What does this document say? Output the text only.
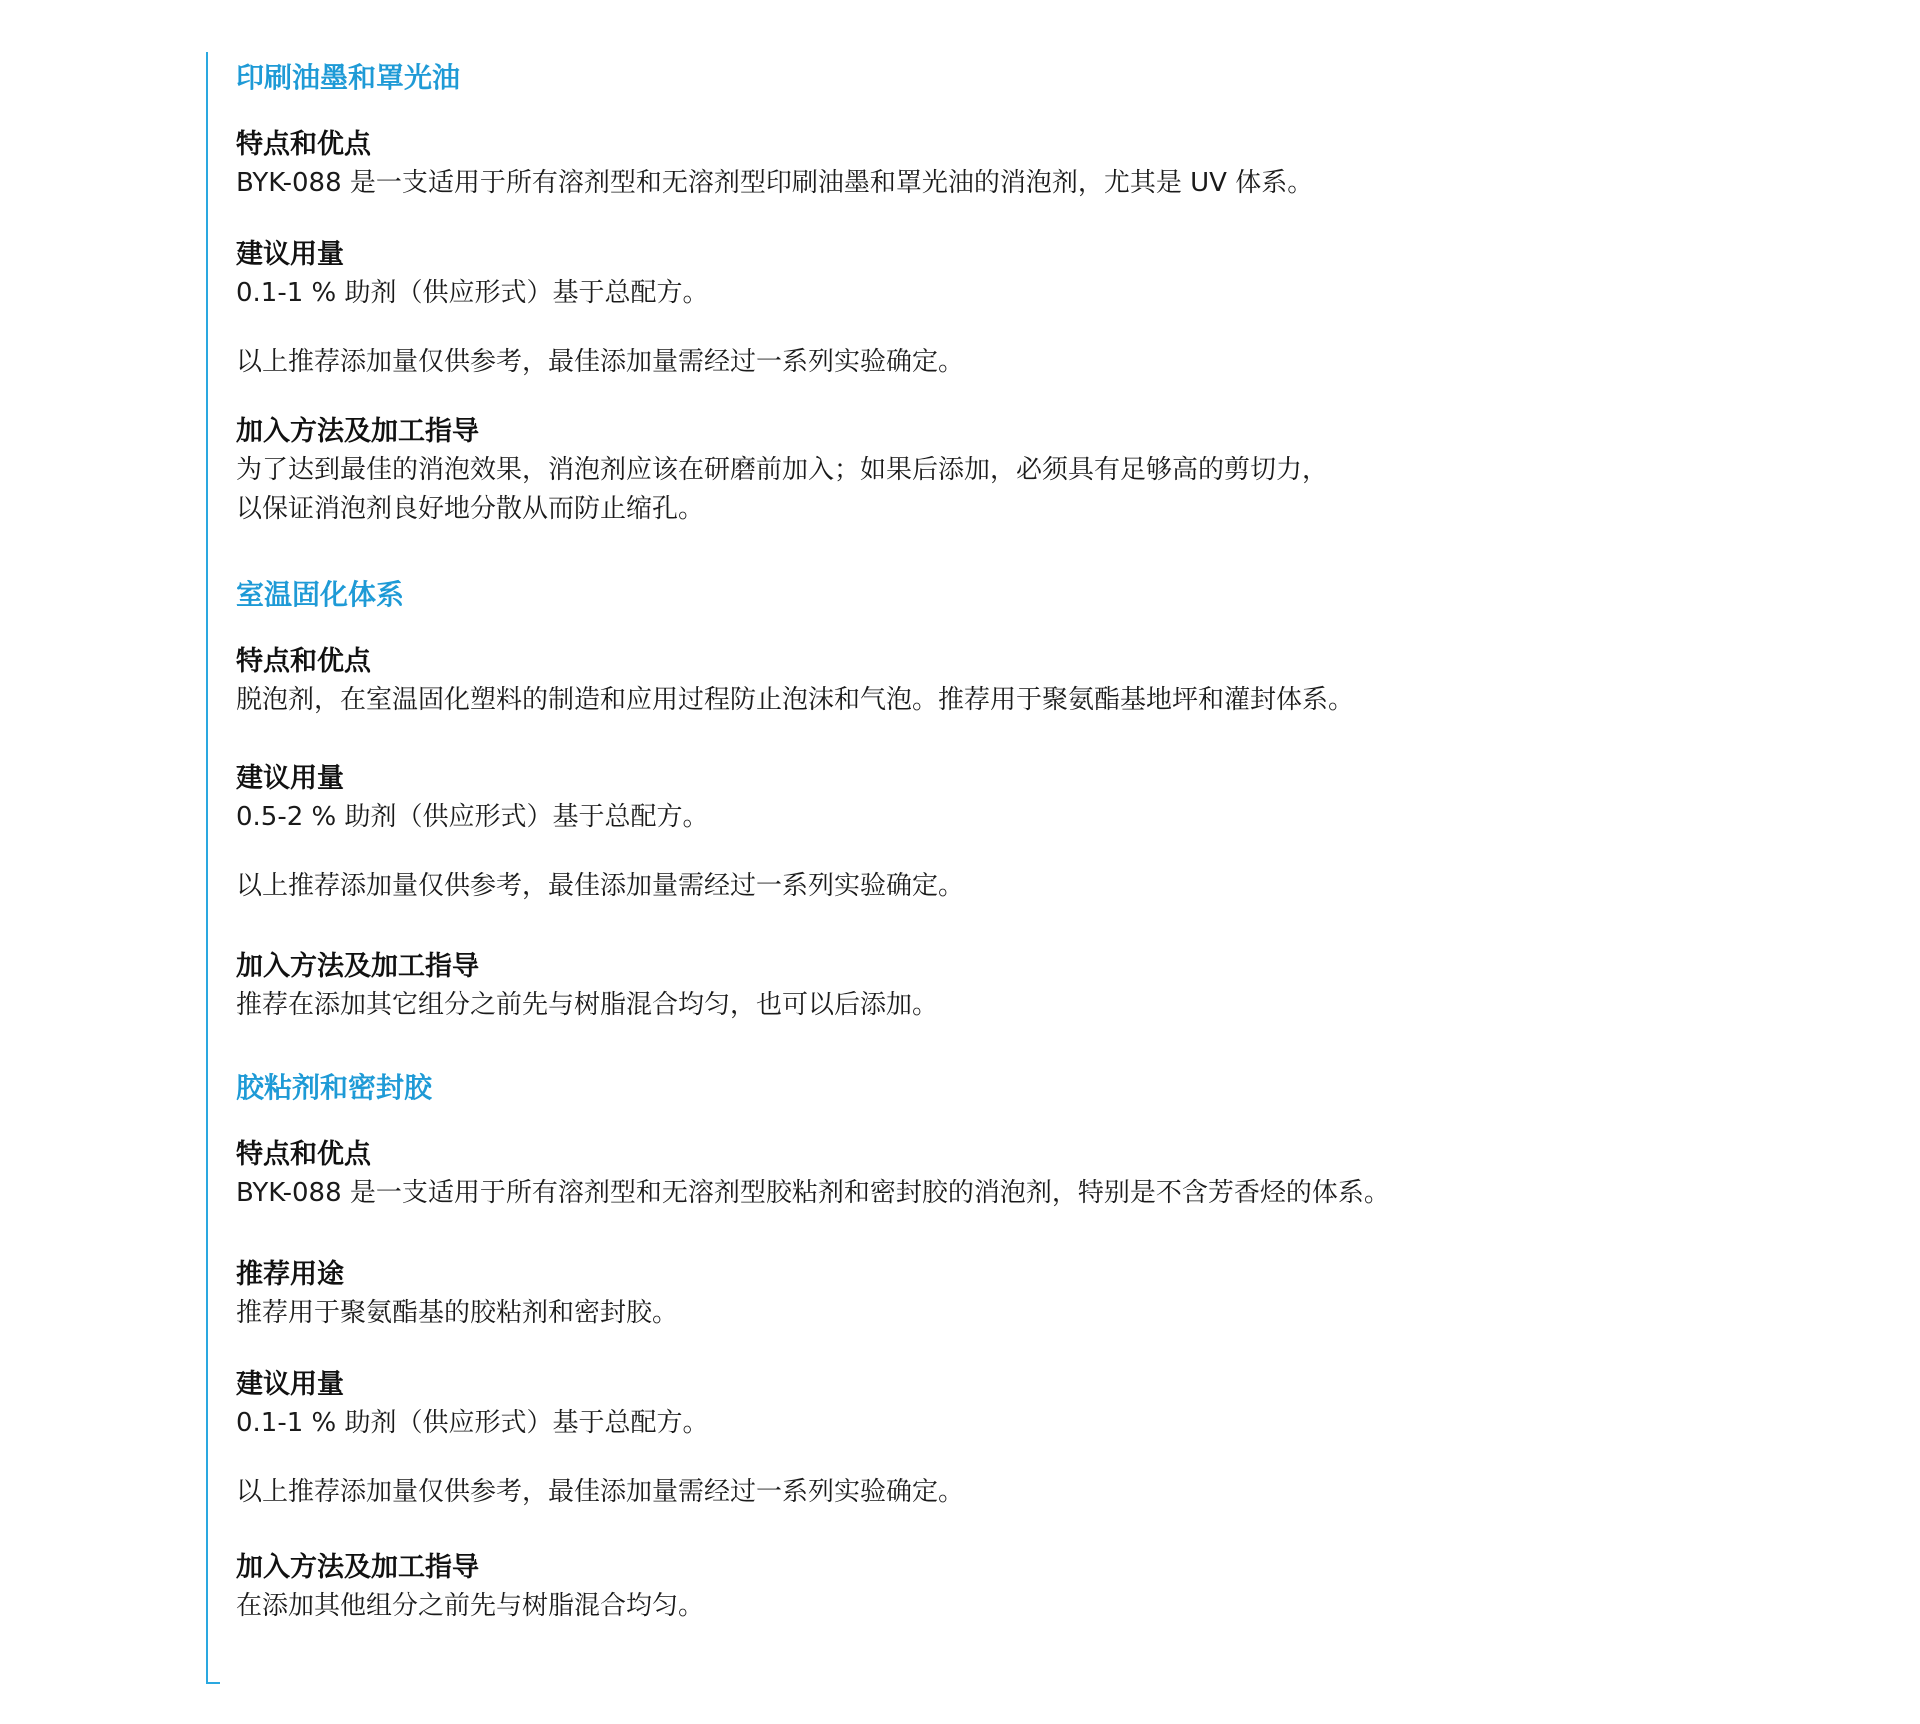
印刷油墨和罩光油
特点和优点

BYK-088 是一支适用于所有溶剂型和无溶剂型印刷油墨和罩光油的消泡剂，尤其是 UV 体系。

建议用量

0.1-1 % 助剂（供应形式）基于总配方。

以上推荐添加量仅供参考，最佳添加量需经过一系列实验确定。

加入方法及加工指导

为了达到最佳的消泡效果，消泡剂应该在研磨前加入；如果后添加，必须具有足够高的剪切力，

以保证消泡剂良好地分散从而防止缩孔。

室温固化体系
特点和优点

脱泡剂，在室温固化塑料的制造和应用过程防止泡沫和气泡。推荐用于聚氨酯基地坪和灌封体系。

建议用量

0.5-2 % 助剂（供应形式）基于总配方。

以上推荐添加量仅供参考，最佳添加量需经过一系列实验确定。

加入方法及加工指导

推荐在添加其它组分之前先与树脂混合均匀，也可以后添加。

胶粘剂和密封胶
特点和优点

BYK-088 是一支适用于所有溶剂型和无溶剂型胶粘剂和密封胶的消泡剂，特别是不含芳香烃的体系。

推荐用途

推荐用于聚氨酯基的胶粘剂和密封胶。

建议用量

0.1-1 % 助剂（供应形式）基于总配方。

以上推荐添加量仅供参考，最佳添加量需经过一系列实验确定。

加入方法及加工指导

在添加其他组分之前先与树脂混合均匀。
